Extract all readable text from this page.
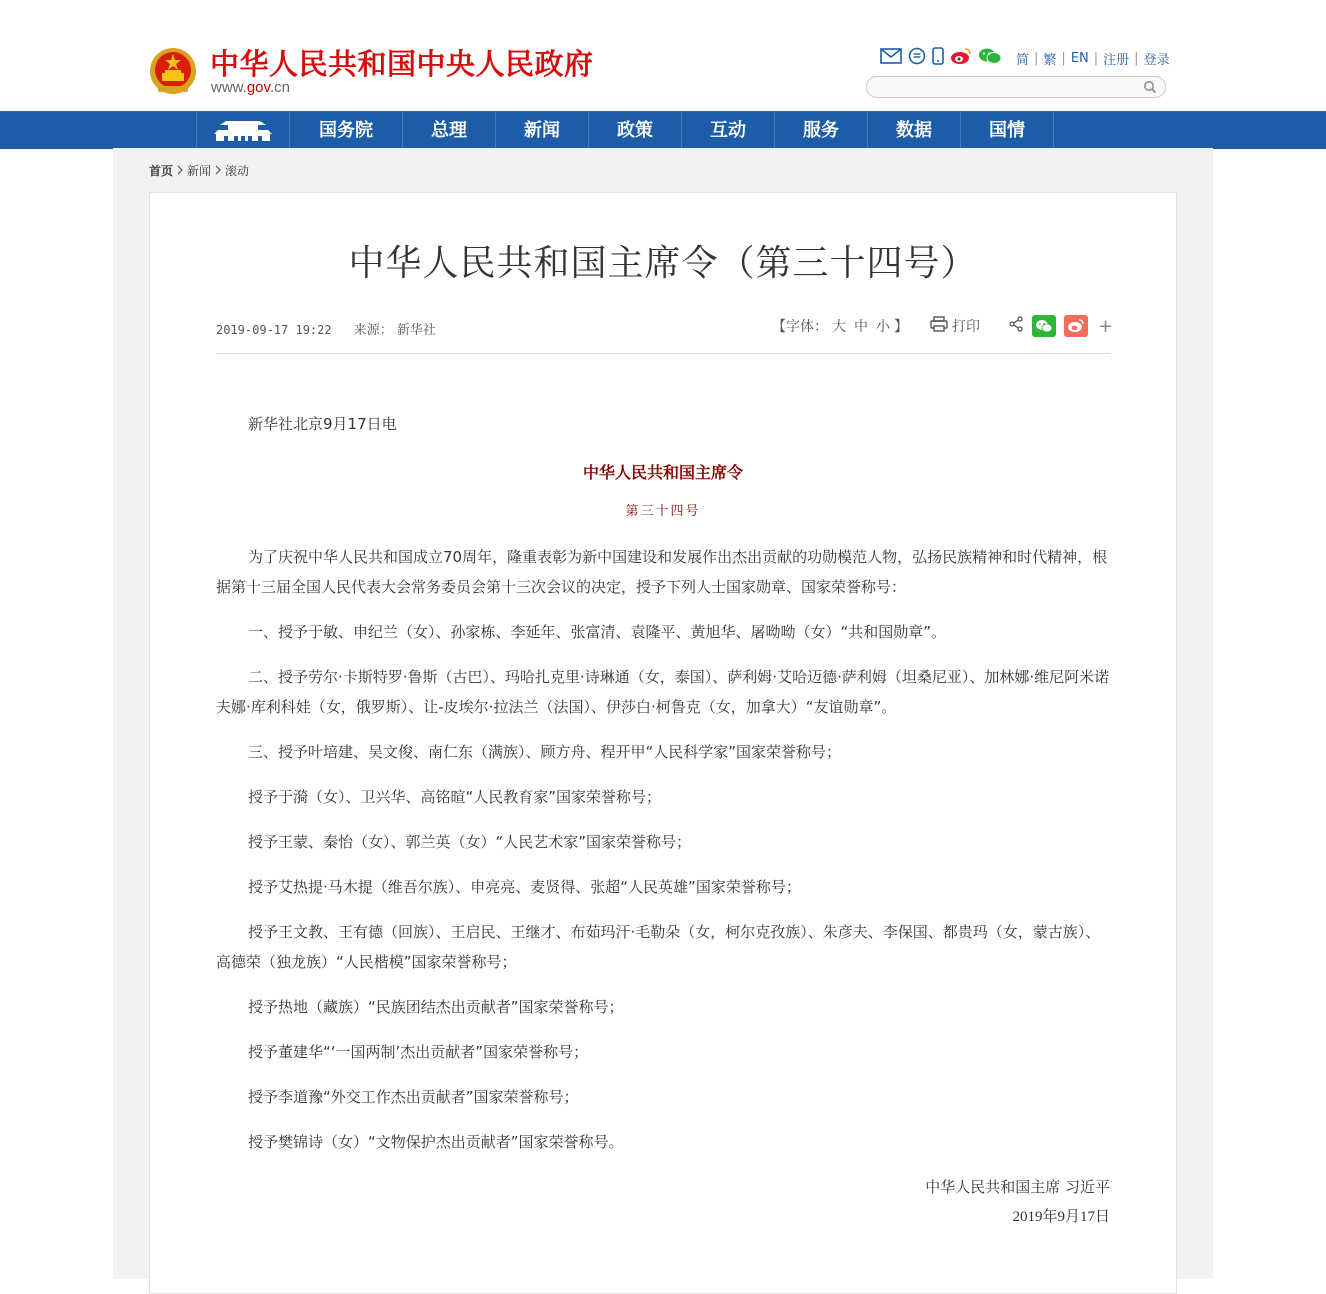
中华人民共和国中央人民政府
www.gov.cn
简 | 繁 | EN | 注册 | 登录
国务院	总理	新闻	政策	互动	服务	数据	国情
首页 新闻 滚动
中华人民共和国主席令（第三十四号）
2019-09-17 19:22 来源： 新华社	【字体： 大 中 小 】	打印	+

新华社北京9月17日电

中华人民共和国主席令

第三十四号

为了庆祝中华人民共和国成立70周年，隆重表彰为新中国建设和发展作出杰出贡献的功勋模范人物，弘扬民族精神和时代精神，根据第十三届全国人民代表大会常务委员会第十三次会议的决定，授予下列人士国家勋章、国家荣誉称号：

一、授予于敏、申纪兰（女）、孙家栋、李延年、张富清、袁隆平、黄旭华、屠呦呦（女）“共和国勋章”。

二、授予劳尔·卡斯特罗·鲁斯（古巴）、玛哈扎克里·诗琳通（女，泰国）、萨利姆·艾哈迈德·萨利姆（坦桑尼亚）、加林娜·维尼阿米诺夫娜·库利科娃（女，俄罗斯）、让-皮埃尔·拉法兰（法国）、伊莎白·柯鲁克（女，加拿大）“友谊勋章”。

三、授予叶培建、吴文俊、南仁东（满族）、顾方舟、程开甲“人民科学家”国家荣誉称号；

授予于漪（女）、卫兴华、高铭暄“人民教育家”国家荣誉称号；

授予王蒙、秦怡（女）、郭兰英（女）“人民艺术家”国家荣誉称号；

授予艾热提·马木提（维吾尔族）、申亮亮、麦贤得、张超“人民英雄”国家荣誉称号；

授予王文教、王有德（回族）、王启民、王继才、布茹玛汗·毛勒朵（女，柯尔克孜族）、朱彦夫、李保国、都贵玛（女，蒙古族）、高德荣（独龙族）“人民楷模”国家荣誉称号；

授予热地（藏族）“民族团结杰出贡献者”国家荣誉称号；

授予董建华“‘一国两制’杰出贡献者”国家荣誉称号；

授予李道豫“外交工作杰出贡献者”国家荣誉称号；

授予樊锦诗（女）“文物保护杰出贡献者”国家荣誉称号。

中华人民共和国主席 习近平

2019年9月17日
